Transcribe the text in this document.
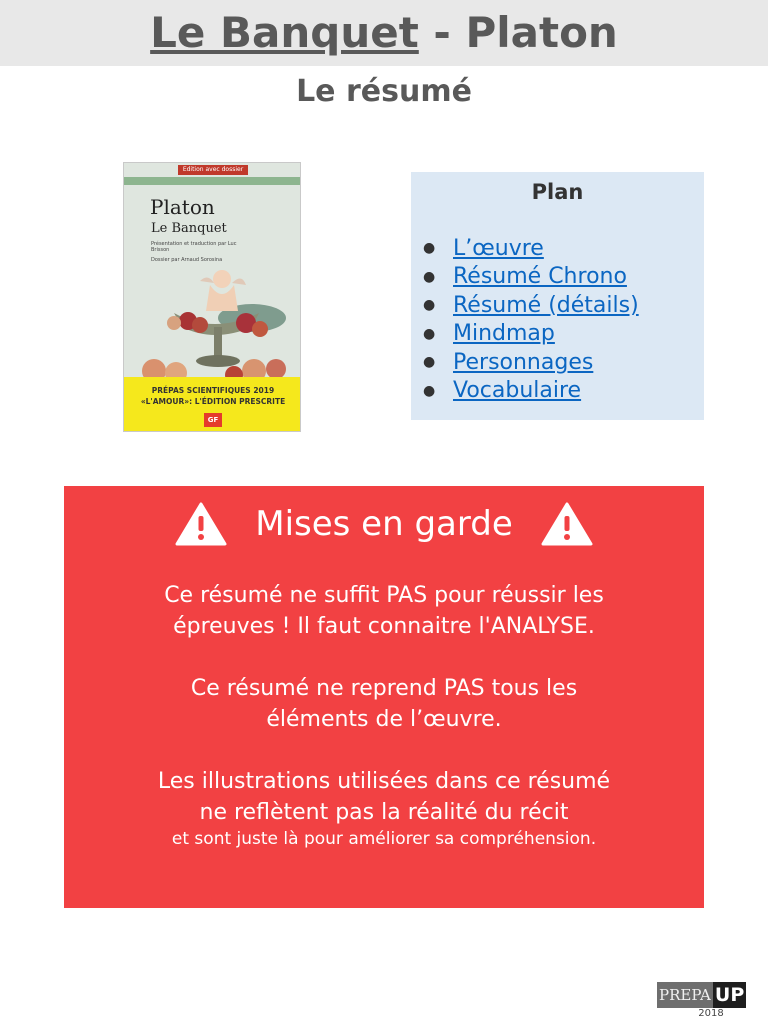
Le Banquet - Platon
Le résumé
Edition avec dossier
Platon
Le Banquet
Présentation et traduction par Luc Brisson
Dossier par Arnaud Sorosina
PRÉPAS SCIENTIFIQUES 2019
«L'AMOUR»: L'ÉDITION PRESCRITE
GF
Plan
● L’œuvre
● Résumé Chrono
● Résumé (détails)
● Mindmap
● Personnages
● Vocabulaire
Mises en garde

Ce résumé ne suffit PAS pour réussir les

épreuves ! Il faut connaitre l'ANALYSE.

Ce résumé ne reprend PAS tous les

éléments de l’œuvre.

Les illustrations utilisées dans ce résumé

ne reflètent pas la réalité du récit

et sont juste là pour améliorer sa compréhension.

PREPA UP
2018
